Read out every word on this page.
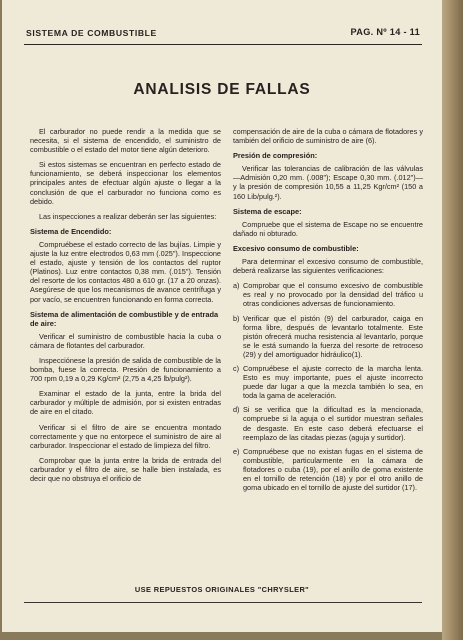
SISTEMA DE COMBUSTIBLE	PAG. Nº 14 - 11
ANALISIS DE FALLAS

El carburador no puede rendir a la medida que se necesita, si el sistema de encendido, el suministro de combustible o el estado del motor tiene algún deterioro.

Si estos sistemas se encuentran en perfecto estado de funcionamiento, se deberá inspeccionar los elementos principales antes de efectuar algún ajuste o llegar a la conclusión de que el carburador no funciona como es debido.

Las inspecciones a realizar deberán ser las siguientes:

Sistema de Encendido:

Compruébese el estado correcto de las bujías. Limpie y ajuste la luz entre electrodos 0,63 mm (.025"). Inspeccione el estado, ajuste y tensión de los contactos del ruptor (Platinos). Luz entre contactos 0,38 mm. (.015"). Tensión del resorte de los contactos 480 a 610 gr. (17 a 20 onzas). Asegúrese de que los mecanismos de avance centrífuga y por vacío, se encuentren funcionando en forma correcta.

Sistema de alimentación de combustible y de entrada de aire:

Verificar el suministro de combustible hacia la cuba o cámara de flotantes del carburador.

Inspecciónese la presión de salida de combustible de la bomba, fuese la correcta. Presión de funcionamiento a 700 rpm 0,19 a 0,29 Kg/cm² (2,75 a 4,25 lb/pulg²).

Examinar el estado de la junta, entre la brida del carburador y múltiple de admisión, por si existen entradas de aire en el citado.

Verificar si el filtro de aire se encuentra montado correctamente y que no entorpece el suministro de aire al carburador. Inspeccionar el estado de limpieza del filtro.

Comprobar que la junta entre la brida de entrada del carburador y el filtro de aire, se halle bien instalada, es decir que no obstruya el orificio de

compensación de aire de la cuba o cámara de flotadores y también del orificio de suministro de aire (6).

Presión de compresión:

Verificar las tolerancias de calibración de las válvulas —Admisión 0,20 mm. (.008"); Escape 0,30 mm. (.012")— y la presión de compresión 10,55 a 11,25 Kgr/cm² (150 a 160 Lib/pulg.²).

Sistema de escape:

Compruebe que el sistema de Escape no se encuentre dañado ni obturado.

Excesivo consumo de combustible:

Para determinar el excesivo consumo de combustible, deberá realizarse las siguientes verificaciones:

a) Comprobar que el consumo excesivo de combustible es real y no provocado por la densidad del tráfico u otras condiciones adversas de funcionamiento.
b) Verificar que el pistón (9) del carburador, caiga en forma libre, después de levantarlo totalmente. Este pistón ofrecerá mucha resistencia al levantarlo, porque se le está sumando la fuerza del resorte de retroceso (29) y del amortiguador hidráulico(1).
c) Compruébese el ajuste correcto de la marcha lenta. Esto es muy importante, pues el ajuste incorrecto puede dar lugar a que la mezcla también lo sea, en toda la gama de aceleración.
d) Si se verifica que la dificultad es la mencionada, compruebe si la aguja o el surtidor muestran señales de desgaste. En este caso deberá efectuarse el reemplazo de las citadas piezas (aguja y surtidor).
e) Compruébese que no existan fugas en el sistema de combustible, particularmente en la cámara de flotadores o cuba (19), por el anillo de goma existente en el tornillo de retención (18) y por el otro anillo de goma ubicado en el tornillo de ajuste del surtidor (17).
USE REPUESTOS ORIGINALES "CHRYSLER"
